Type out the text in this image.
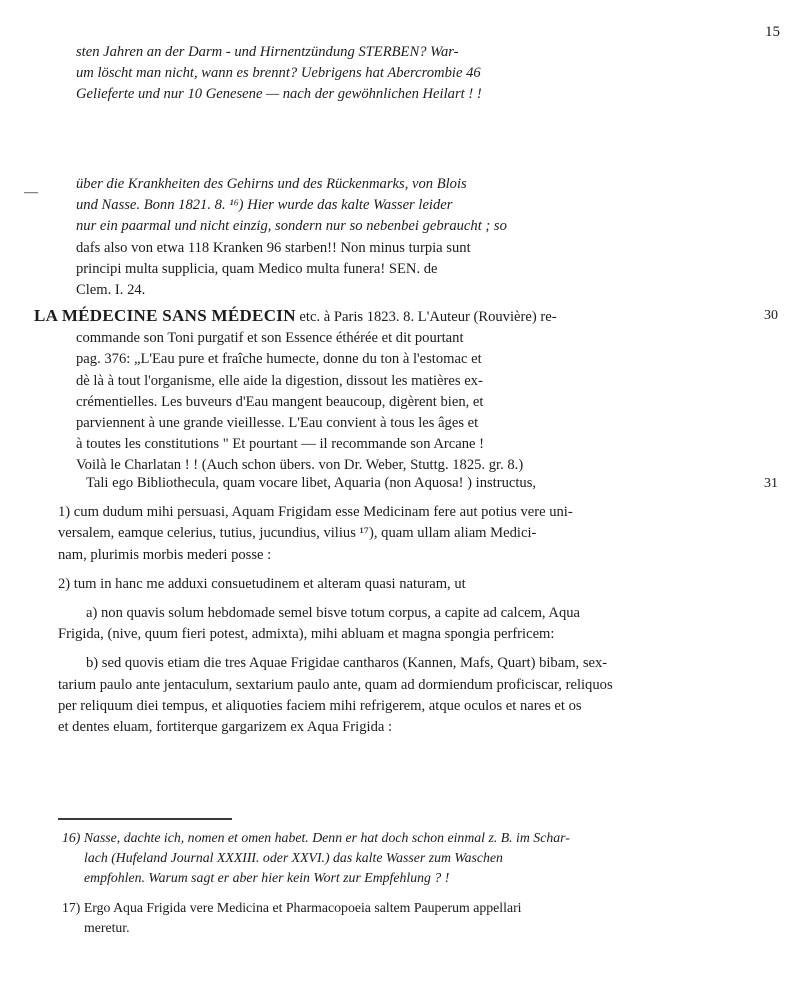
15

sten Jahren an der Darm - und Hirnentzündung STERBEN? War-

um löscht man nicht, wann es brennt? Uebrigens hat Abercrombie 46

Gelieferte und nur 10 Genesene — nach der gewöhnlichen Heilart ! !

—

über die Krankheiten des Gehirns und des Rückenmarks, von Blois

und Nasse. Bonn 1821. 8. ¹⁶) Hier wurde das kalte Wasser leider

nur ein paarmal und nicht einzig, sondern nur so nebenbei gebraucht ; so

dafs also von etwa 118 Kranken 96 starben!! Non minus turpia sunt

principi multa supplicia, quam Medico multa funera! SEN. de

Clem. I. 24.

LA MÉDECINE SANS MÉDECIN etc. à Paris 1823. 8. L'Auteur (Rouvière) re-

commande son Toni purgatif et son Essence éthérée et dit pourtant

pag. 376: „L'Eau pure et fraîche humecte, donne du ton à l'estomac et

dè là à tout l'organisme, elle aide la digestion, dissout les matières ex-

crémentielles. Les buveurs d'Eau mangent beaucoup, digèrent bien, et

parviennent à une grande vieillesse. L'Eau convient à tous les âges et

à toutes les constitutions " Et pourtant — il recommande son Arcane !

Voilà le Charlatan ! ! (Auch schon übers. von Dr. Weber, Stuttg. 1825. gr. 8.)

30
31

Tali ego Bibliothecula, quam vocare libet, Aquaria (non Aquosa! ) instructus,

1) cum dudum mihi persuasi, Aquam Frigidam esse Medicinam fere aut potius vere uni-

versalem, eamque celerius, tutius, jucundius, vilius ¹⁷), quam ullam aliam Medici-

nam, plurimis morbis mederi posse :

2) tum in hanc me adduxi consuetudinem et alteram quasi naturam, ut

a) non quavis solum hebdomade semel bisve totum corpus, a capite ad calcem, Aqua

Frigida, (nive, quum fieri potest, admixta), mihi abluam et magna spongia perfricem:

b) sed quovis etiam die tres Aquae Frigidae cantharos (Kannen, Mafs, Quart) bibam, sex-

tarium paulo ante jentaculum, sextarium paulo ante, quam ad dormiendum proficiscar, reliquos

per reliquum diei tempus, et aliquoties faciem mihi refrigerem, atque oculos et nares et os

et dentes eluam, fortiterque gargarizem ex Aqua Frigida :

16) Nasse, dachte ich, nomen et omen habet. Denn er hat doch schon einmal z. B. im Schar-

lach (Hufeland Journal XXXIII. oder XXVI.) das kalte Wasser zum Waschen

empfohlen. Warum sagt er aber hier kein Wort zur Empfehlung ? !

17) Ergo Aqua Frigida vere Medicina et Pharmacopoeia saltem Pauperum appellari

meretur.
